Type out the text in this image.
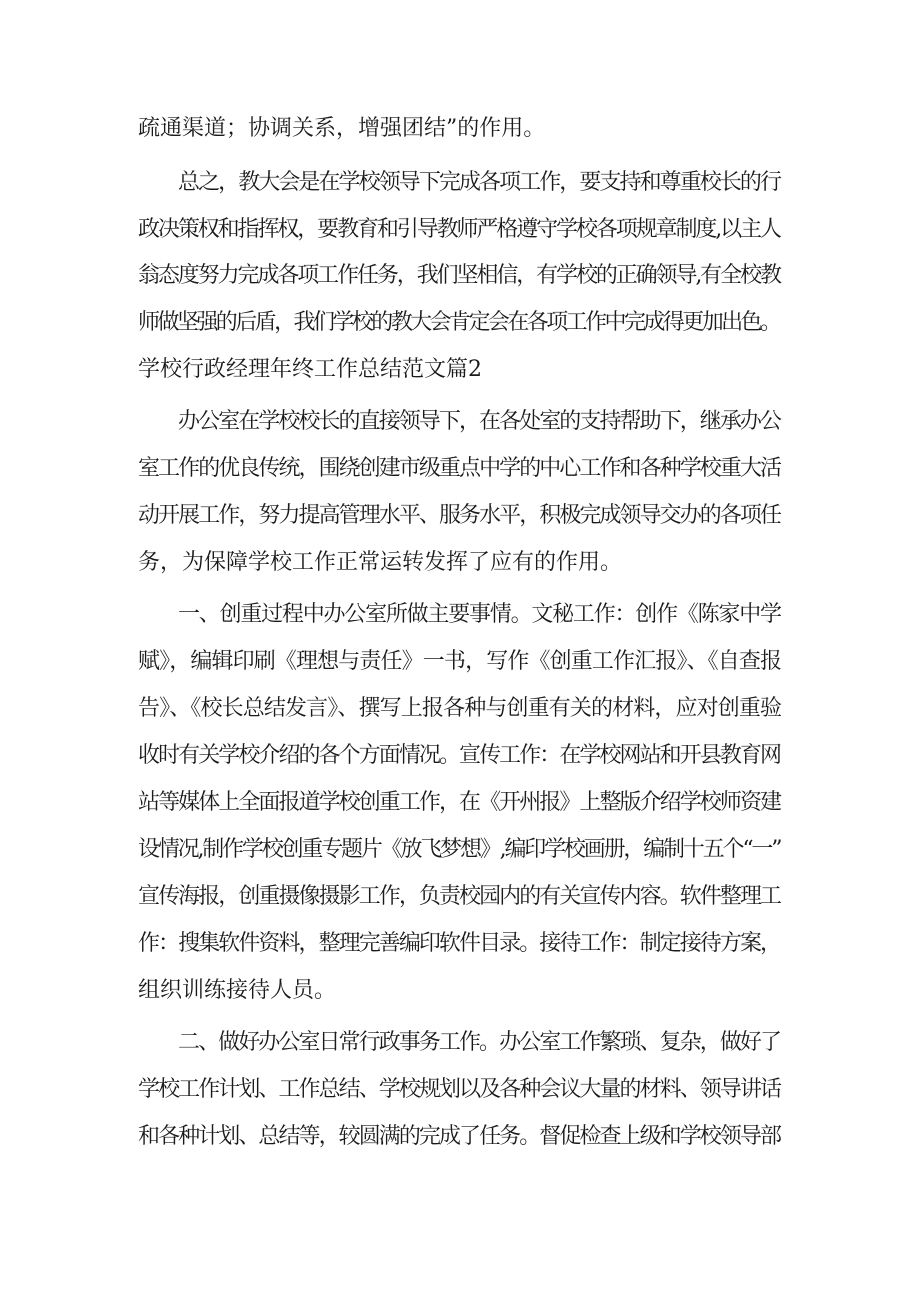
疏通渠道；协调关系，增强团结”的作用。
总之，教大会是在学校领导下完成各项工作，要支持和尊重校长的行
政决策权和指挥权，要教育和引导教师严格遵守学校各项规章制度,以主人
翁态度努力完成各项工作任务，我们坚相信，有学校的正确领导,有全校教
师做坚强的后盾，我们学校的教大会肯定会在各项工作中完成得更加出色。
学校行政经理年终工作总结范文篇2
办公室在学校校长的直接领导下，在各处室的支持帮助下，继承办公
室工作的优良传统，围绕创建市级重点中学的中心工作和各种学校重大活
动开展工作，努力提高管理水平、服务水平，积极完成领导交办的各项任
务，为保障学校工作正常运转发挥了应有的作用。
一、创重过程中办公室所做主要事情。文秘工作：创作《陈家中学
赋》，编辑印刷《理想与责任》一书，写作《创重工作汇报》、《自查报
告》、《校长总结发言》、撰写上报各种与创重有关的材料，应对创重验
收时有关学校介绍的各个方面情况。宣传工作：在学校网站和开县教育网
站等媒体上全面报道学校创重工作，在《开州报》上整版介绍学校师资建
设情况,制作学校创重专题片《放飞梦想》,编印学校画册，编制十五个“一”
宣传海报，创重摄像摄影工作，负责校园内的有关宣传内容。软件整理工
作：搜集软件资料，整理完善编印软件目录。接待工作：制定接待方案，
组织训练接待人员。
二、做好办公室日常行政事务工作。办公室工作繁琐、复杂，做好了
学校工作计划、工作总结、学校规划以及各种会议大量的材料、领导讲话
和各种计划、总结等，较圆满的完成了任务。督促检查上级和学校领导部
